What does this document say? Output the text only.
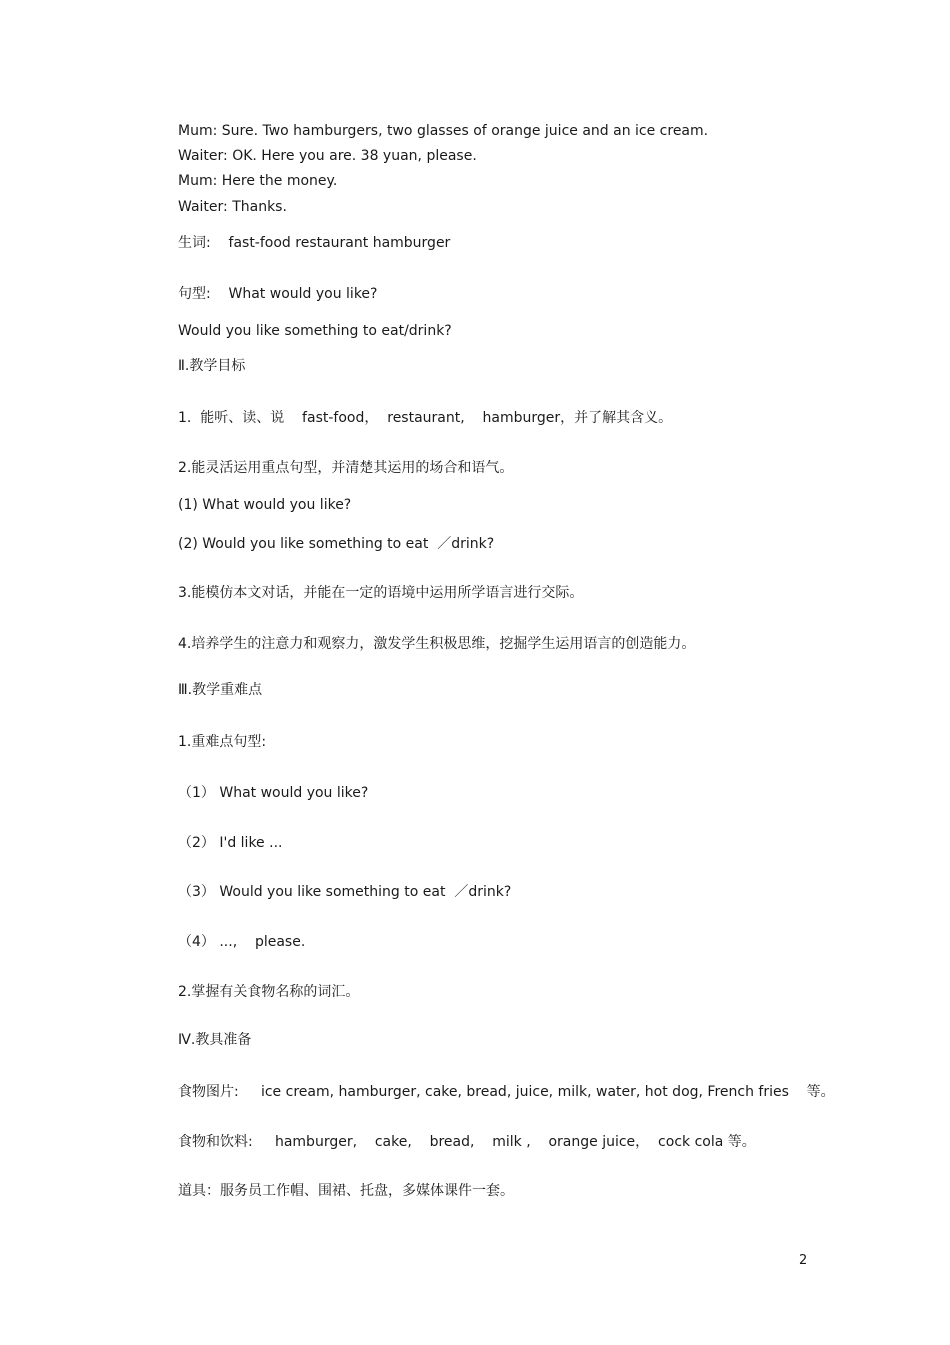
Mum: Sure. Two hamburgers, two glasses of orange juice and an ice cream.
Waiter: OK. Here you are. 38 yuan, please.
Mum: Here the money.
Waiter: Thanks.
生词:    fast-food restaurant hamburger
句型:    What would you like?
Would you like something to eat/drink?
Ⅱ.教学目标
1.  能听、读、说    fast-food，  restaurant,    hamburger，并了解其含义。
2.能灵活运用重点句型，并清楚其运用的场合和语气。
(1) What would you like?
(2) Would you like something to eat  ／drink?
3.能模仿本文对话，并能在一定的语境中运用所学语言进行交际。
4.培养学生的注意力和观察力，激发学生积极思维，挖掘学生运用语言的创造能力。
Ⅲ.教学重难点
1.重难点句型:
（1） What would you like?
（2） I'd like ...
（3） Would you like something to eat  ／drink?
（4） ...,    please.
2.掌握有关食物名称的词汇。
Ⅳ.教具准备
食物图片:     ice cream, hamburger, cake, bread, juice, milk, water, hot dog, French fries    等。
食物和饮料:     hamburger,    cake,    bread,    milk ,    orange juice，  cock cola 等。
道具：服务员工作帽、围裙、托盘，多媒体课件一套。
2
